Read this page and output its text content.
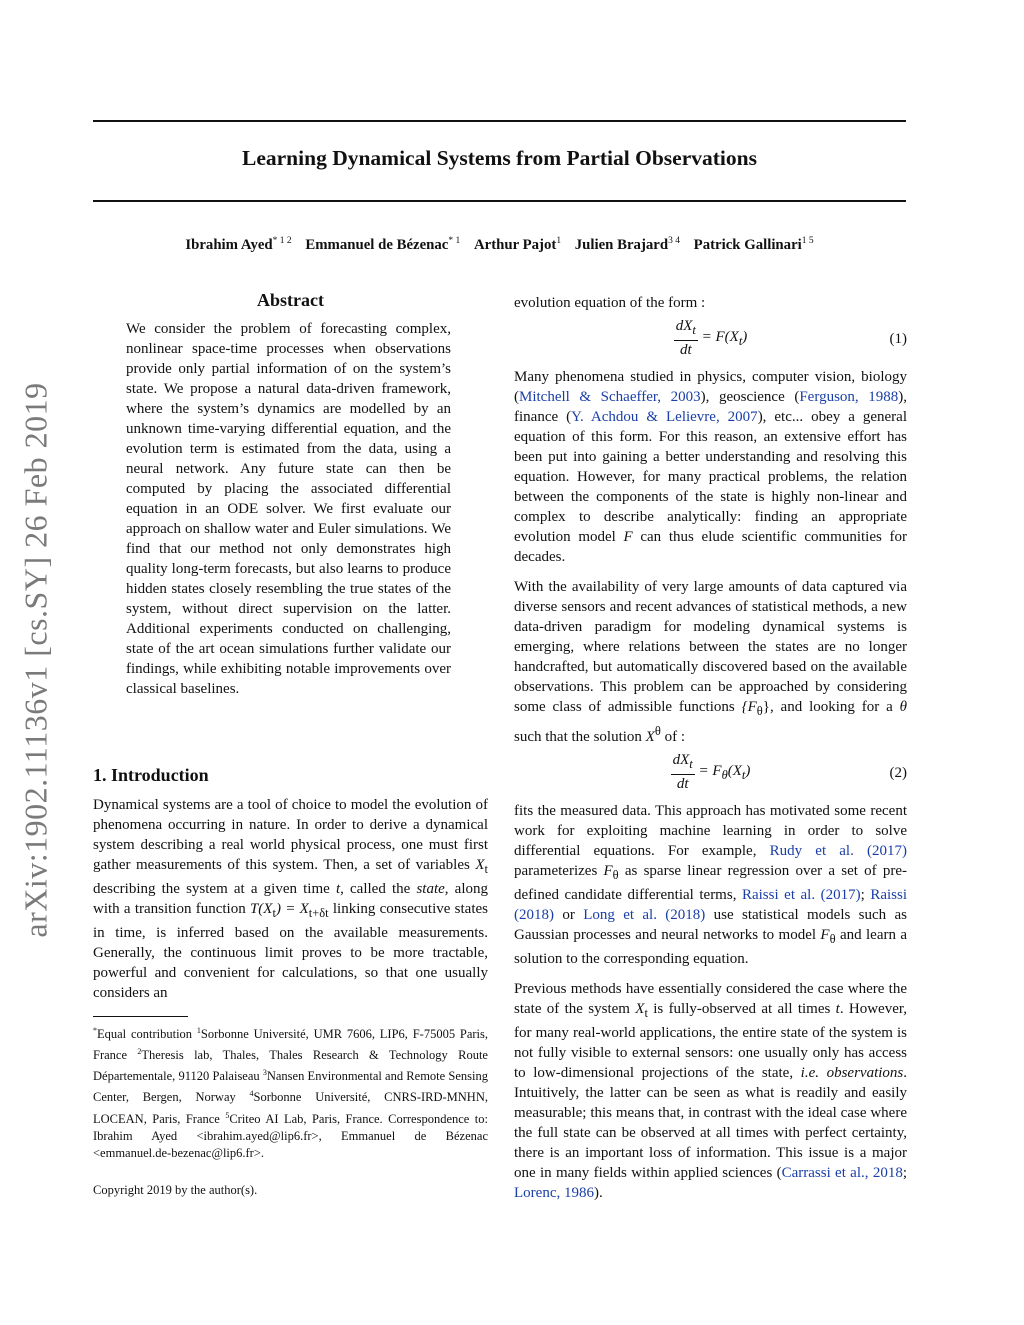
Learning Dynamical Systems from Partial Observations
Ibrahim Ayed$^{* 1 2}$ Emmanuel de Bézenac$^{* 1}$ Arthur Pajot$^1$ Julien Brajard$^{3 4}$ Patrick Gallinari$^{1 5}$
arXiv:1902.11136v1 [cs.SY] 26 Feb 2019
Abstract

We consider the problem of forecasting complex, nonlinear space-time processes when observations provide only partial information of on the system’s state. We propose a natural data-driven framework, where the system’s dynamics are modelled by an unknown time-varying differential equation, and the evolution term is estimated from the data, using a neural network. Any future state can then be computed by placing the associated differential equation in an ODE solver. We first evaluate our approach on shallow water and Euler simulations. We find that our method not only demonstrates high quality long-term forecasts, but also learns to produce hidden states closely resembling the true states of the system, without direct supervision on the latter. Additional experiments conducted on challenging, state of the art ocean simulations further validate our findings, while exhibiting notable improvements over classical baselines.

1. Introduction

Dynamical systems are a tool of choice to model the evolution of phenomena occurring in nature. In order to derive a dynamical system describing a real world physical process, one must first gather measurements of this system. Then, a set of variables $X_t$ describing the system at a given time t, called the state, along with a transition function $T(X_t) = X_{t+\delta t}$ linking consecutive states in time, is inferred based on the available measurements. Generally, the continuous limit proves to be more tractable, powerful and convenient for calculations, so that one usually considers an

*Equal contribution $^1$Sorbonne Université, UMR 7606, LIP6, F-75005 Paris, France $^2$Theresis lab, Thales, Thales Research & Technology Route Départementale, 91120 Palaiseau $^3$Nansen Environmental and Remote Sensing Center, Bergen, Norway $^4$Sorbonne Université, CNRS-IRD-MNHN, LOCEAN, Paris, France $^5$Criteo AI Lab, Paris, France. Correspondence to: Ibrahim Ayed <ibrahim.ayed@lip6.fr>, Emmanuel de Bézenac <emmanuel.de-bezenac@lip6.fr>.
Copyright 2019 by the author(s).

evolution equation of the form :

$\frac{dX_t}{dt} = F(X_t)$	(1)

Many phenomena studied in physics, computer vision, biology (Mitchell & Schaeffer, 2003), geoscience (Ferguson, 1988), finance (Y. Achdou & Lelievre, 2007), etc... obey a general equation of this form. For this reason, an extensive effort has been put into gaining a better understanding and resolving this equation. However, for many practical problems, the relation between the components of the state is highly non-linear and complex to describe analytically: finding an appropriate evolution model F can thus elude scientific communities for decades.

With the availability of very large amounts of data captured via diverse sensors and recent advances of statistical methods, a new data-driven paradigm for modeling dynamical systems is emerging, where relations between the states are no longer handcrafted, but automatically discovered based on the available observations. This problem can be approached by considering some class of admissible functions $\{F_\theta\}$, and looking for a θ such that the solution $X^\theta$ of :

$\frac{dX_t}{dt} = F_\theta(X_t)$	(2)

fits the measured data. This approach has motivated some recent work for exploiting machine learning in order to solve differential equations. For example, Rudy et al. (2017) parameterizes $F_\theta$ as sparse linear regression over a set of pre-defined candidate differential terms, Raissi et al. (2017); Raissi (2018) or Long et al. (2018) use statistical models such as Gaussian processes and neural networks to model $F_\theta$ and learn a solution to the corresponding equation.

Previous methods have essentially considered the case where the state of the system $X_t$ is fully-observed at all times t. However, for many real-world applications, the entire state of the system is not fully visible to external sensors: one usually only has access to low-dimensional projections of the state, i.e. observations. Intuitively, the latter can be seen as what is readily and easily measurable; this means that, in contrast with the ideal case where the full state can be observed at all times with perfect certainty, there is an important loss of information. This issue is a major one in many fields within applied sciences (Carrassi et al., 2018; Lorenc, 1986).
